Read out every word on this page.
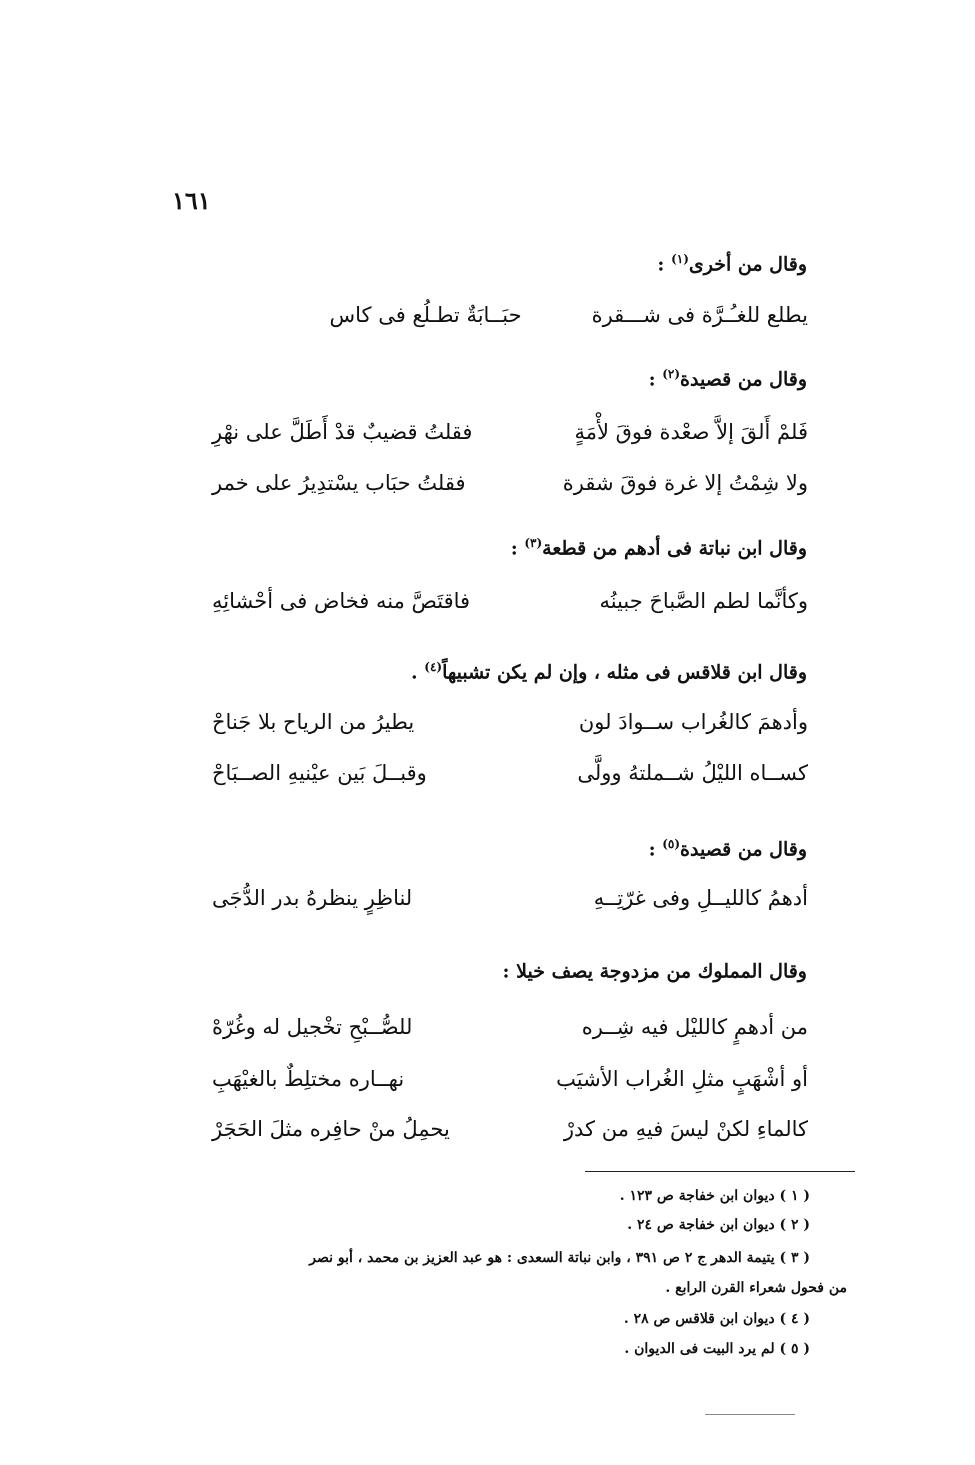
١٦١
وقال من أخرى$^{(١)}$ :
يطلع للغـُـرَّة فى شـــقرة
حبَــابَةٌ تطـلُع فى كاس
وقال من قصيدة$^{(٢)}$ :
فَلمْ أَلقَ إلاَّ صعْدة فوقَ لأْمَةٍ
فقلتُ قضيبٌ قدْ أَطَلَّ على نهْرِ
ولا شِمْتُ إلا غرة فوقَ شقرة
فقلتُ حبَاب يسْتدِيرُ على خمر
وقال ابن نباتة فى أدهم من قطعة$^{(٣)}$ :
وكأنَّما لطم الصَّباحَ جبينُه
فاقتَصَّ منه فخاض فى أحْشائِهِ
وقال ابن قلاقس فى مثله ، وإن لم يكن تشبيهاً$^{(٤)}$ .
وأدهمَ كالغُراب ســوادَ لون
يطيرُ من الرياح بلا جَناحْ
كســاه الليْلُ شــملتهُ وولَّى
وقبــلَ بَين عيْنيهِ الصــبَاحْ
وقال من قصيدة$^{(٥)}$ :
أدهمُ كالليــلِ وفى غرّتِــهِ
لناظِرٍ ينظرهُ بدر الدُّجَى
وقال المملوك من مزدوجة يصف خيلا :
من أدهمٍ كالليْل فيه شِــره
للصُّــبْحِ تخْجيل له وغُرّهْ
أو أشْهَبٍ مثلِ الغُراب الأشيَب
نهــاره مختلِطٌ بالغيْهَبِ
كالماءِ لكنْ ليسَ فيهِ من كدرْ
يحمِلُ منْ حافِره مثلَ الحَجَرْ
( ١ ) ديوان ابن خفاجة ص ١٢٣ .
( ٢ ) ديوان ابن خفاجة ص ٢٤ .
( ٣ ) يتيمة الدهر ج ٢ ص ٣٩١ ، وابن نباتة السعدى : هو عبد العزيز بن محمد ، أبو نصر
من فحول شعراء القرن الرابع .
( ٤ ) ديوان ابن قلاقس ص ٢٨ .
( ٥ ) لم يرد البيت فى الديوان .
